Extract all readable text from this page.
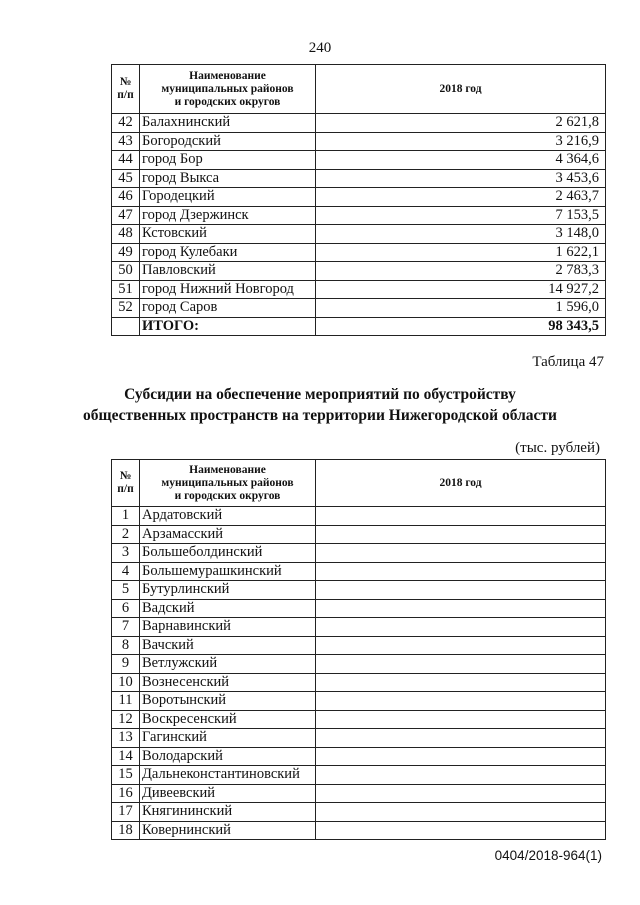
240
№
п/п	Наименование
муниципальных районов
и городских округов	2018 год
42	Балахнинский	2 621,8
43	Богородский	3 216,9
44	город Бор	4 364,6
45	город Выкса	3 453,6
46	Городецкий	2 463,7
47	город Дзержинск	7 153,5
48	Кстовский	3 148,0
49	город Кулебаки	1 622,1
50	Павловский	2 783,3
51	город Нижний Новгород	14 927,2
52	город Саров	1 596,0
	ИТОГО:	98 343,5
Таблица 47
Субсидии на обеспечение мероприятий по обустройству
общественных пространств на территории Нижегородской области
(тыс. рублей)
№
п/п	Наименование
муниципальных районов
и городских округов	2018 год
1	Ардатовский	
2	Арзамасский	
3	Большеболдинский	
4	Большемурашкинский	
5	Бутурлинский	
6	Вадский	
7	Варнавинский	
8	Вачский	
9	Ветлужский	
10	Вознесенский	
11	Воротынский	
12	Воскресенский	
13	Гагинский	
14	Володарский	
15	Дальнеконстантиновский	
16	Дивеевский	
17	Княгининский	
18	Ковернинский	
0404/2018-964(1)
